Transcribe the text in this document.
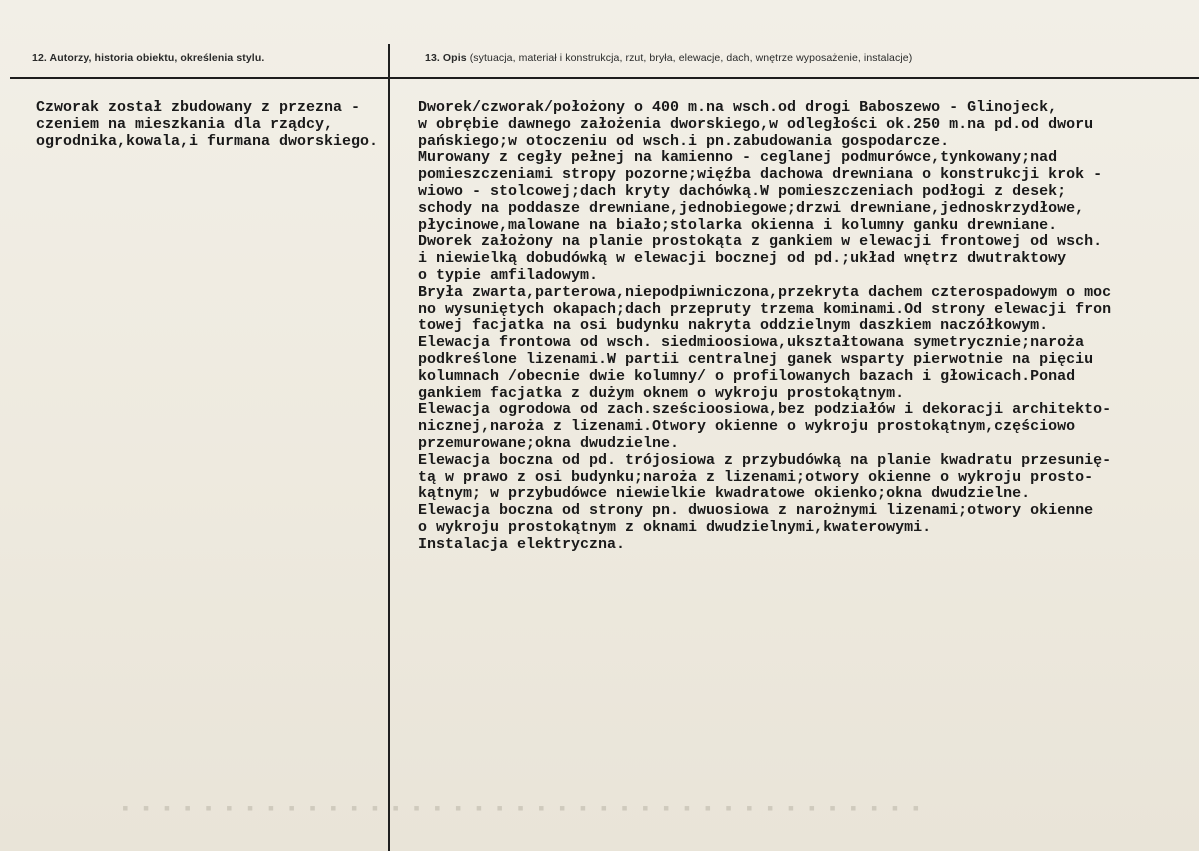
12. Autorzy, historia obiektu, określenia stylu.	13. Opis (sytuacja, materiał i konstrukcja, rzut, bryła, elewacje, dach, wnętrze wyposażenie, instalacje)
Czworak został zbudowany z przezna -
czeniem na mieszkania dla rządcy,
ogrodnika,kowala,i furmana dworskiego.
Dworek/czworak/położony o 400 m.na wsch.od drogi Baboszewo - Glinojeck,
w obrębie dawnego założenia dworskiego,w odległości ok.250 m.na pd.od dworu
pańskiego;w otoczeniu od wsch.i pn.zabudowania gospodarcze.
Murowany z cegły pełnej na kamienno - ceglanej podmurówce,tynkowany;nad
pomieszczeniami stropy pozorne;więźba dachowa drewniana o konstrukcji krok -
wiowo - stolcowej;dach kryty dachówką.W pomieszczeniach podłogi z desek;
schody na poddasze drewniane,jednobiegowe;drzwi drewniane,jednoskrzydłowe,
płycinowe,malowane na biało;stolarka okienna i kolumny ganku drewniane.
Dworek założony na planie prostokąta z gankiem w elewacji frontowej od wsch.
i niewielką dobudówką w elewacji bocznej od pd.;układ wnętrz dwutraktowy
o typie amfiladowym.
Bryła zwarta,parterowa,niepodpiwniczona,przekryta dachem czterospadowym o moc
no wysuniętych okapach;dach przepruty trzema kominami.Od strony elewacji fron
towej facjatka na osi budynku nakryta oddzielnym daszkiem naczółkowym.
Elewacja frontowa od wsch. siedmioosiowa,ukształtowana symetrycznie;naroża
podkreślone lizenami.W partii centralnej ganek wsparty pierwotnie na pięciu
kolumnach /obecnie dwie kolumny/ o profilowanych bazach i głowicach.Ponad
gankiem facjatka z dużym oknem o wykroju prostokątnym.
Elewacja ogrodowa od zach.sześcioosiowa,bez podziałów i dekoracji architekto-
nicznej,naroża z lizenami.Otwory okienne o wykroju prostokątnym,częściowo
przemurowane;okna dwudzielne.
Elewacja boczna od pd. trójosiowa z przybudówką na planie kwadratu przesunię-
tą w prawo z osi budynku;naroża z lizenami;otwory okienne o wykroju prosto-
kątnym; w przybudówce niewielkie kwadratowe okienko;okna dwudzielne.
Elewacja boczna od strony pn. dwuosiowa z narożnymi lizenami;otwory okienne
o wykroju prostokątnym z oknami dwudzielnymi,kwaterowymi.
Instalacja elektryczna.
▪▪▪▪▪▪▪▪▪▪▪▪▪▪▪▪▪▪▪▪▪▪▪▪▪▪▪▪▪▪▪▪▪▪▪▪▪▪▪
